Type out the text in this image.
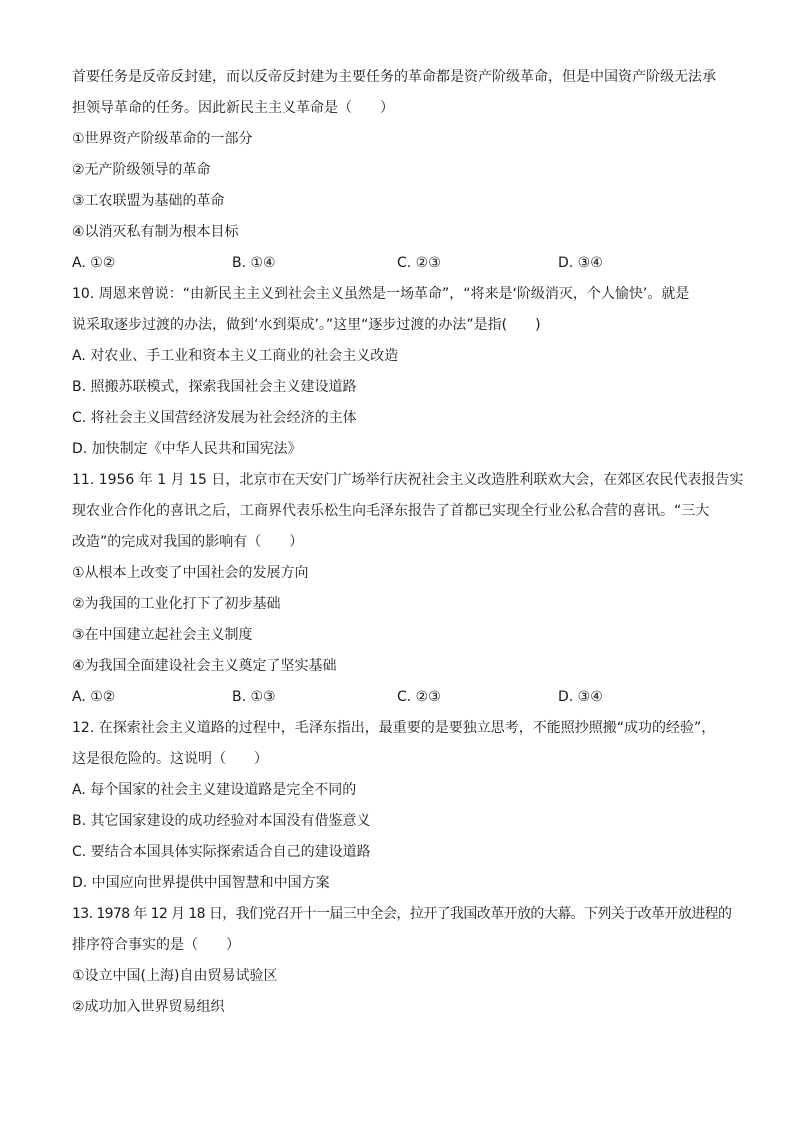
首要任务是反帝反封建，而以反帝反封建为主要任务的革命都是资产阶级革命，但是中国资产阶级无法承
担领导革命的任务。因此新民主主义革命是（　　）
①世界资产阶级革命的一部分
②无产阶级领导的革命
③工农联盟为基础的革命
④以消灭私有制为根本目标
A. ①②	B. ①④	C. ②③	D. ③④
10. 周恩来曾说：“由新民主主义到社会主义虽然是一场革命”，“将来是‘阶级消灭，个人愉快’。就是
说采取逐步过渡的办法，做到‘水到渠成’。”这里“逐步过渡的办法”是指(　　)
A. 对农业、手工业和资本主义工商业的社会主义改造
B. 照搬苏联模式，探索我国社会主义建设道路
C. 将社会主义国营经济发展为社会经济的主体
D. 加快制定《中华人民共和国宪法》
11. 1956 年 1 月 15 日，北京市在天安门广场举行庆祝社会主义改造胜利联欢大会，在郊区农民代表报告实
现农业合作化的喜讯之后，工商界代表乐松生向毛泽东报告了首都已实现全行业公私合营的喜讯。“三大
改造”的完成对我国的影响有（　　）
①从根本上改变了中国社会的发展方向
②为我国的工业化打下了初步基础
③在中国建立起社会主义制度
④为我国全面建设社会主义奠定了坚实基础
A. ①②	B. ①③	C. ②③	D. ③④
12. 在探索社会主义道路的过程中，毛泽东指出，最重要的是要独立思考，不能照抄照搬“成功的经验”，
这是很危险的。这说明（　　）
A. 每个国家的社会主义建设道路是完全不同的
B. 其它国家建设的成功经验对本国没有借鉴意义
C. 要结合本国具体实际探索适合自己的建设道路
D. 中国应向世界提供中国智慧和中国方案
13. 1978 年 12 月 18 日，我们党召开十一届三中全会，拉开了我国改革开放的大幕。下列关于改革开放进程的
排序符合事实的是（　　）
①设立中国(上海)自由贸易试验区
②成功加入世界贸易组织
